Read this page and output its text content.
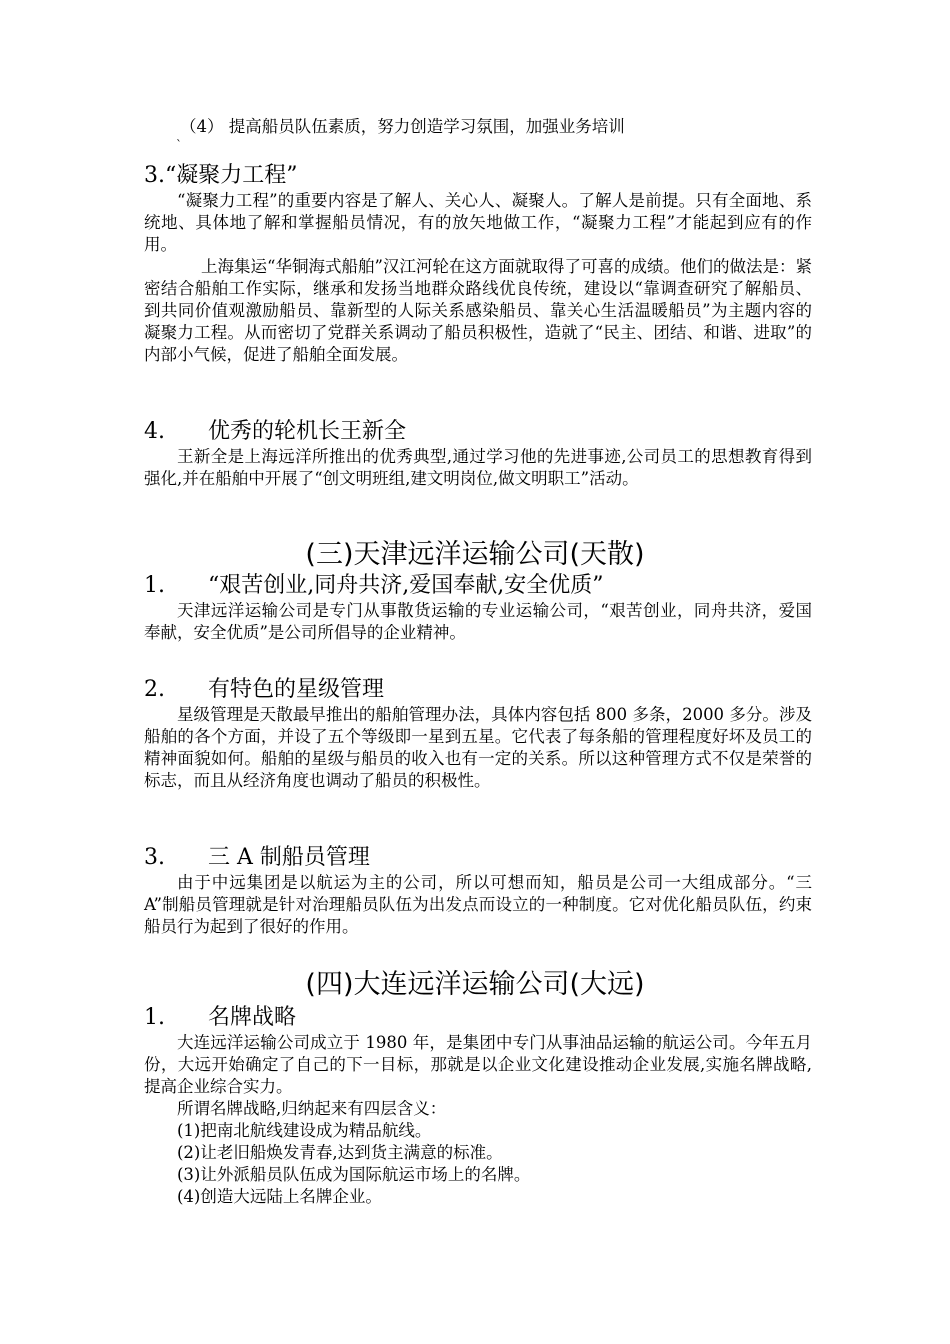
（4） 提高船员队伍素质，努力创造学习氛围，加强业务培训

`
3.“凝聚力工程”

“凝聚力工程”的重要内容是了解人、关心人、凝聚人。了解人是前提。只有全面地、系统地、具体地了解和掌握船员情况，有的放矢地做工作，“凝聚力工程”才能起到应有的作用。

上海集运“华铜海式船舶”汉江河轮在这方面就取得了可喜的成绩。他们的做法是：紧密结合船舶工作实际，继承和发扬当地群众路线优良传统，建设以“靠调查研究了解船员、到共同价值观激励船员、靠新型的人际关系感染船员、靠关心生活温暖船员”为主题内容的凝聚力工程。从而密切了党群关系调动了船员积极性，造就了“民主、团结、和谐、进取”的内部小气候，促进了船舶全面发展。

4. 优秀的轮机长王新全

王新全是上海远洋所推出的优秀典型,通过学习他的先进事迹,公司员工的思想教育得到强化,并在船舶中开展了“创文明班组,建文明岗位,做文明职工”活动。

(三)天津远洋运输公司(天散)
1. “艰苦创业,同舟共济,爱国奉献,安全优质”

天津远洋运输公司是专门从事散货运输的专业运输公司，“艰苦创业，同舟共济，爱国奉献，安全优质”是公司所倡导的企业精神。

2. 有特色的星级管理

星级管理是天散最早推出的船舶管理办法，具体内容包括 800 多条，2000 多分。涉及船舶的各个方面，并设了五个等级即一星到五星。它代表了每条船的管理程度好坏及员工的精神面貌如何。船舶的星级与船员的收入也有一定的关系。所以这种管理方式不仅是荣誉的标志，而且从经济角度也调动了船员的积极性。

3. 三 A 制船员管理

由于中远集团是以航运为主的公司，所以可想而知，船员是公司一大组成部分。“三 A”制船员管理就是针对治理船员队伍为出发点而设立的一种制度。它对优化船员队伍，约束船员行为起到了很好的作用。

(四)大连远洋运输公司(大远)
1. 名牌战略

大连远洋运输公司成立于 1980 年，是集团中专门从事油品运输的航运公司。今年五月份，大远开始确定了自己的下一目标，那就是以企业文化建设推动企业发展,实施名牌战略,提高企业综合实力。

所谓名牌战略,归纳起来有四层含义：

(1)把南北航线建设成为精品航线。

(2)让老旧船焕发青春,达到货主满意的标准。

(3)让外派船员队伍成为国际航运市场上的名牌。

(4)创造大远陆上名牌企业。
